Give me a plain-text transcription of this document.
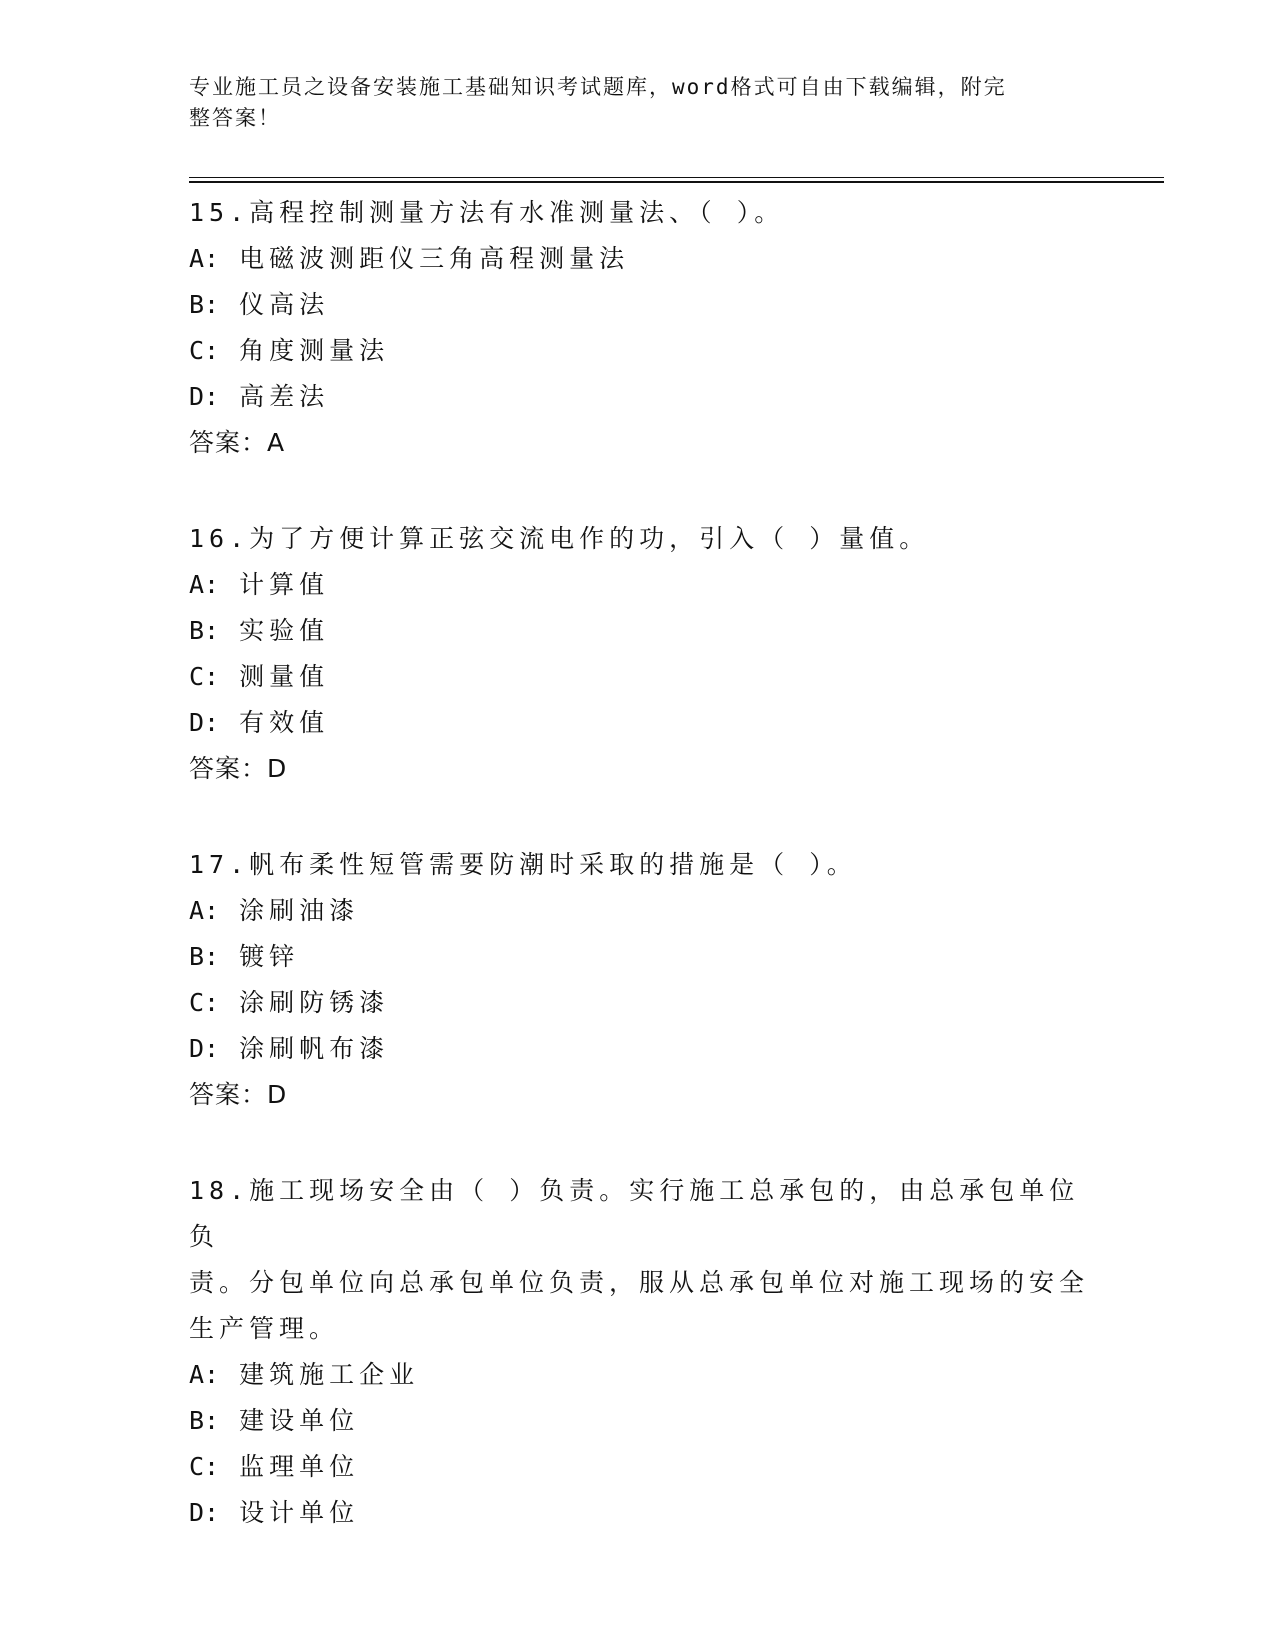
专业施工员之设备安装施工基础知识考试题库，word格式可自由下载编辑，附完
整答案！
15.高程控制测量方法有水准测量法、（ ）。
A: 电磁波测距仪三角高程测量法
B: 仪高法
C: 角度测量法
D: 高差法
答案：A
16.为了方便计算正弦交流电作的功，引入（ ）量值。
A: 计算值
B: 实验值
C: 测量值
D: 有效值
答案：D
17.帆布柔性短管需要防潮时采取的措施是（ ）。
A: 涂刷油漆
B: 镀锌
C: 涂刷防锈漆
D: 涂刷帆布漆
答案：D
18.施工现场安全由（ ）负责。实行施工总承包的，由总承包单位负
责。分包单位向总承包单位负责，服从总承包单位对施工现场的安全
生产管理。
A: 建筑施工企业
B: 建设单位
C: 监理单位
D: 设计单位
